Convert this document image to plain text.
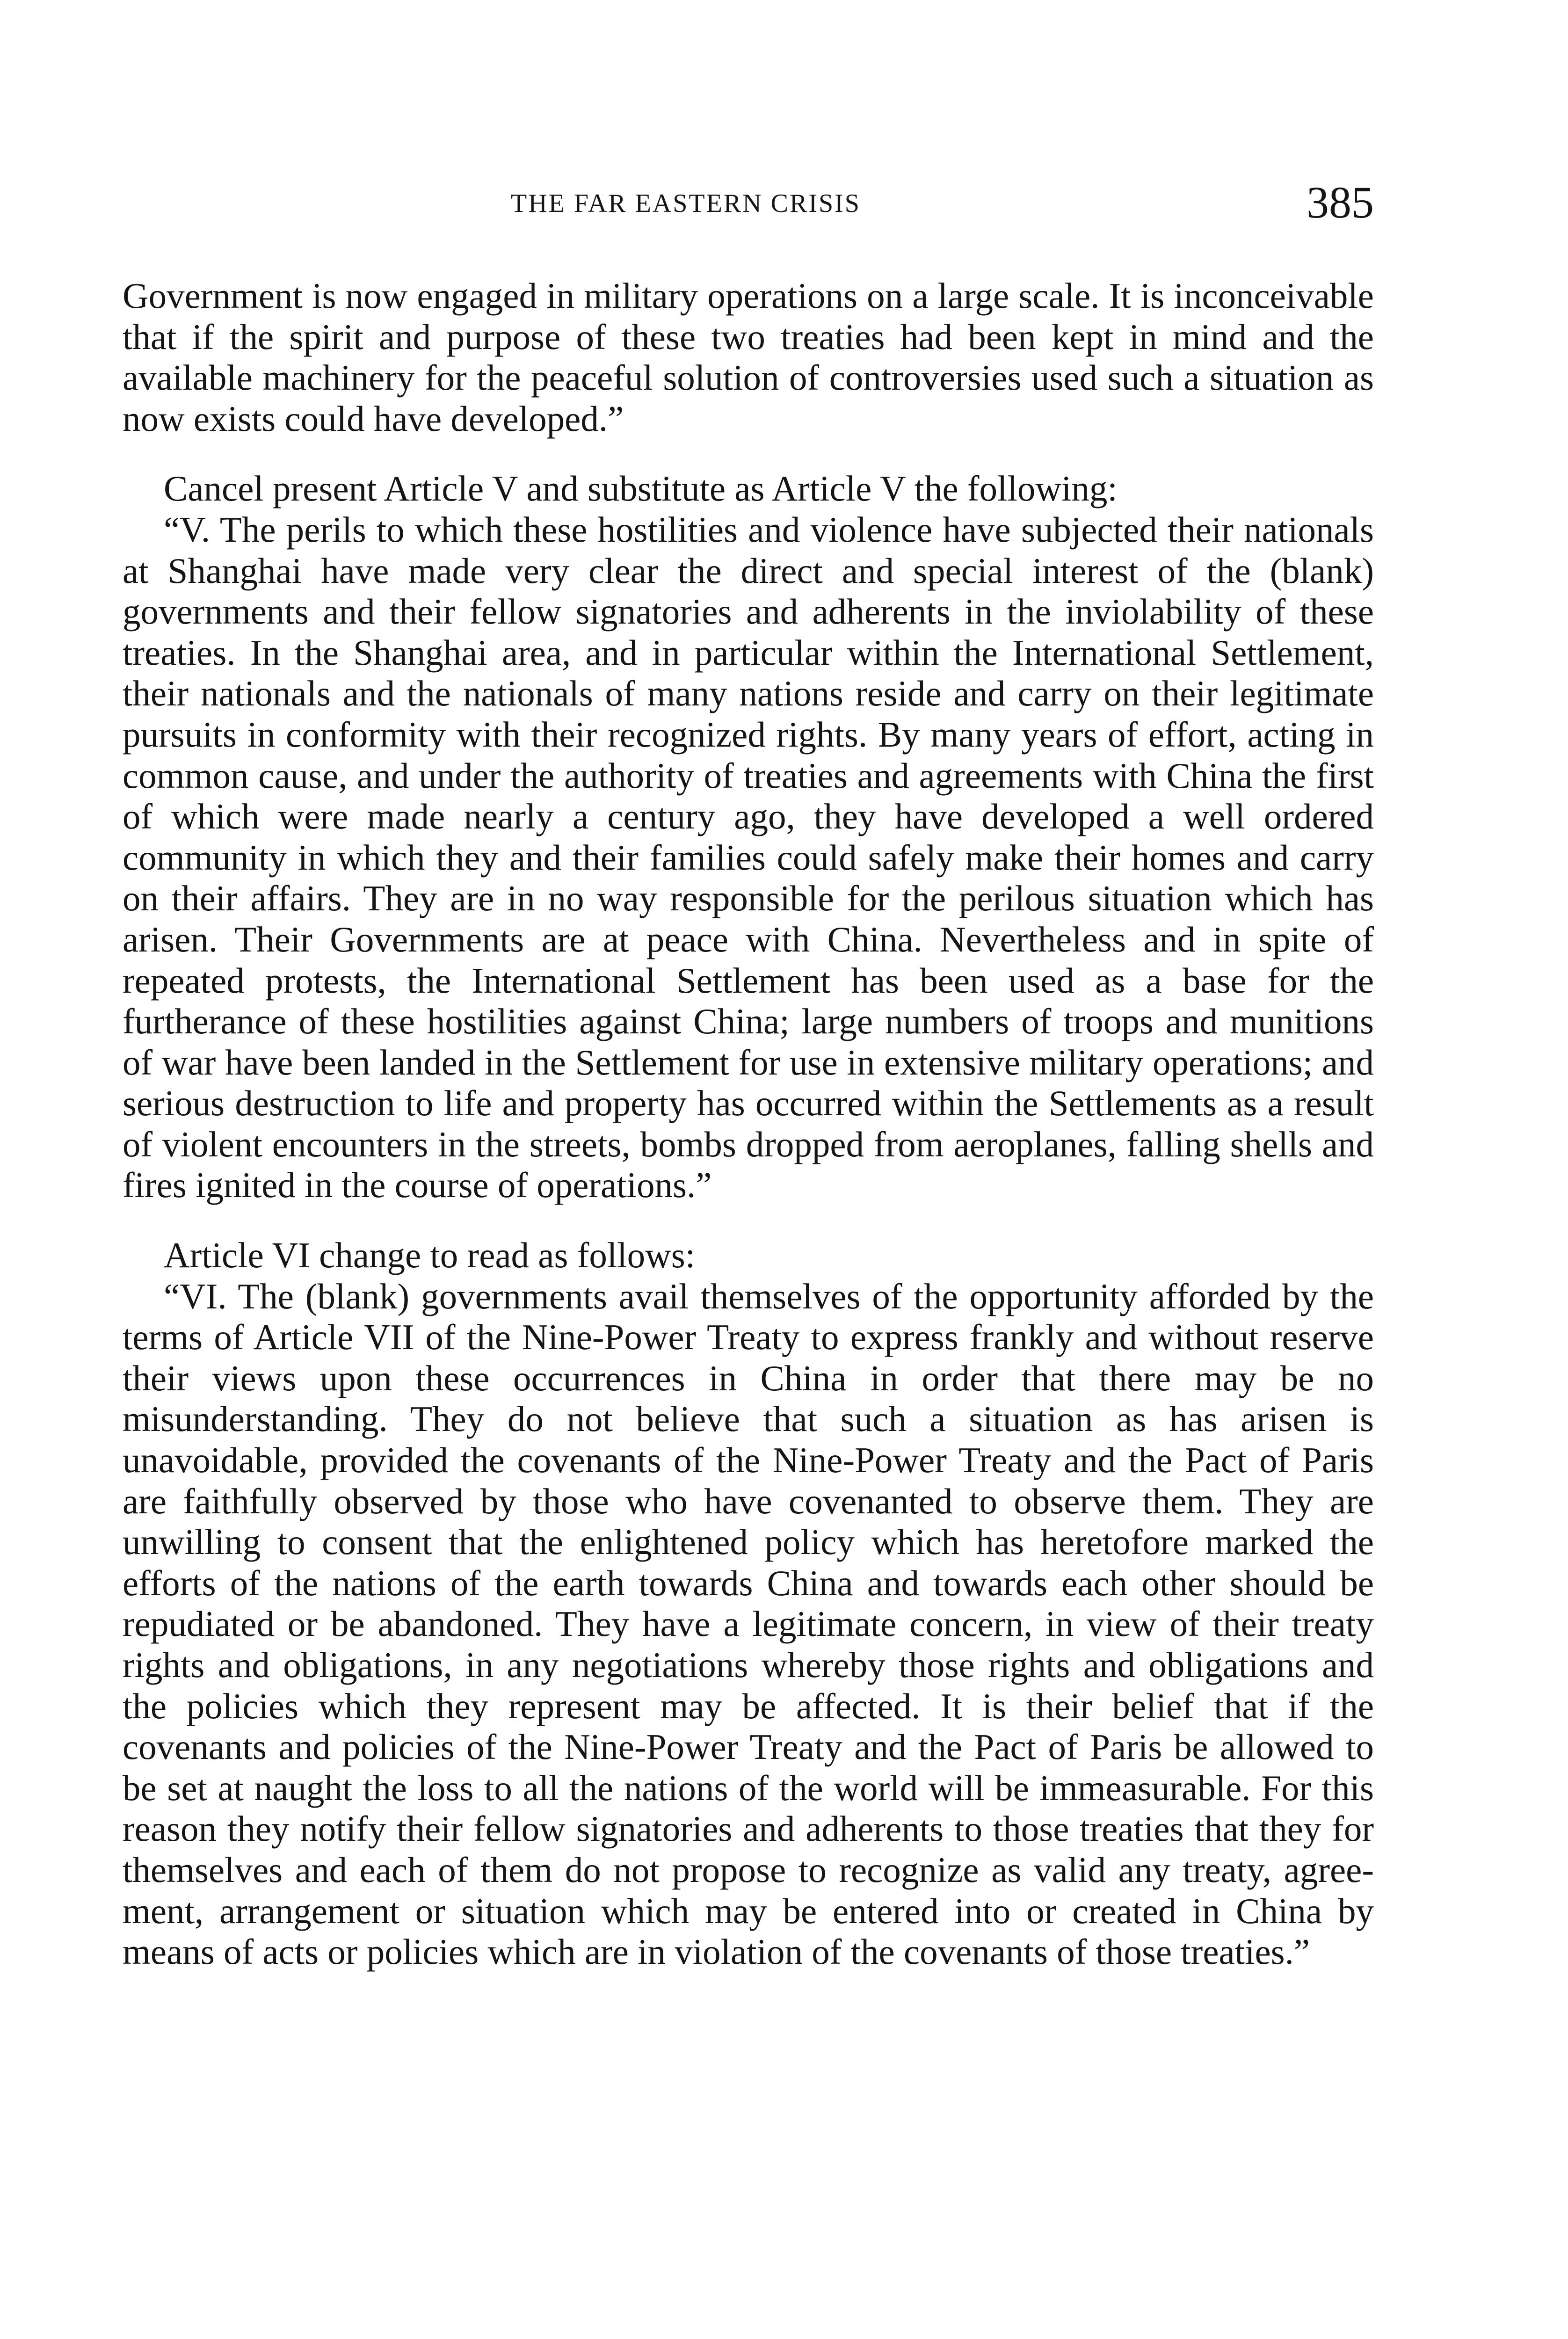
THE FAR EASTERN CRISIS	385

Government is now engaged in military operations on a large scale. It is inconceivable that if the spirit and purpose of these two treaties had been kept in mind and the available machinery for the peaceful solution of controversies used such a situation as now exists could have developed.”

Cancel present Article V and substitute as Article V the following:

“V. The perils to which these hostilities and violence have subjected their nationals at Shanghai have made very clear the direct and special interest of the (blank) governments and their fellow signatories and adherents in the inviolability of these treaties. In the Shanghai area, and in particular within the International Settlement, their nationals and the nationals of many nations reside and carry on their legitimate pursuits in conformity with their recognized rights. By many years of effort, acting in common cause, and under the authority of treaties and agreements with China the first of which were made nearly a century ago, they have developed a well ordered community in which they and their families could safely make their homes and carry on their affairs. They are in no way responsible for the perilous situation which has arisen. Their Governments are at peace with China. Nevertheless and in spite of repeated protests, the International Settlement has been used as a base for the furtherance of these hostilities against China; large numbers of troops and munitions of war have been landed in the Settlement for use in extensive military operations; and serious destruction to life and property has occurred within the Settlements as a result of violent encounters in the streets, bombs dropped from aeroplanes, falling shells and fires ignited in the course of operations.”

Article VI change to read as follows:

“VI. The (blank) governments avail themselves of the opportunity afforded by the terms of Article VII of the Nine-Power Treaty to express frankly and without reserve their views upon these occurrences in China in order that there may be no misunderstanding. They do not believe that such a situation as has arisen is unavoidable, provided the covenants of the Nine-Power Treaty and the Pact of Paris are faithfully observed by those who have covenanted to observe them. They are unwilling to consent that the enlightened policy which has heretofore marked the efforts of the nations of the earth towards China and towards each other should be repudiated or be abandoned. They have a legitimate concern, in view of their treaty rights and obligations, in any negotiations whereby those rights and obligations and the policies which they represent may be affected. It is their belief that if the covenants and policies of the Nine-Power Treaty and the Pact of Paris be allowed to be set at naught the loss to all the nations of the world will be immeasurable. For this reason they notify their fellow signatories and adherents to those treaties that they for themselves and each of them do not propose to recognize as valid any treaty, agreement, arrangement or situation which may be entered into or created in China by means of acts or policies which are in violation of the covenants of those treaties.”
